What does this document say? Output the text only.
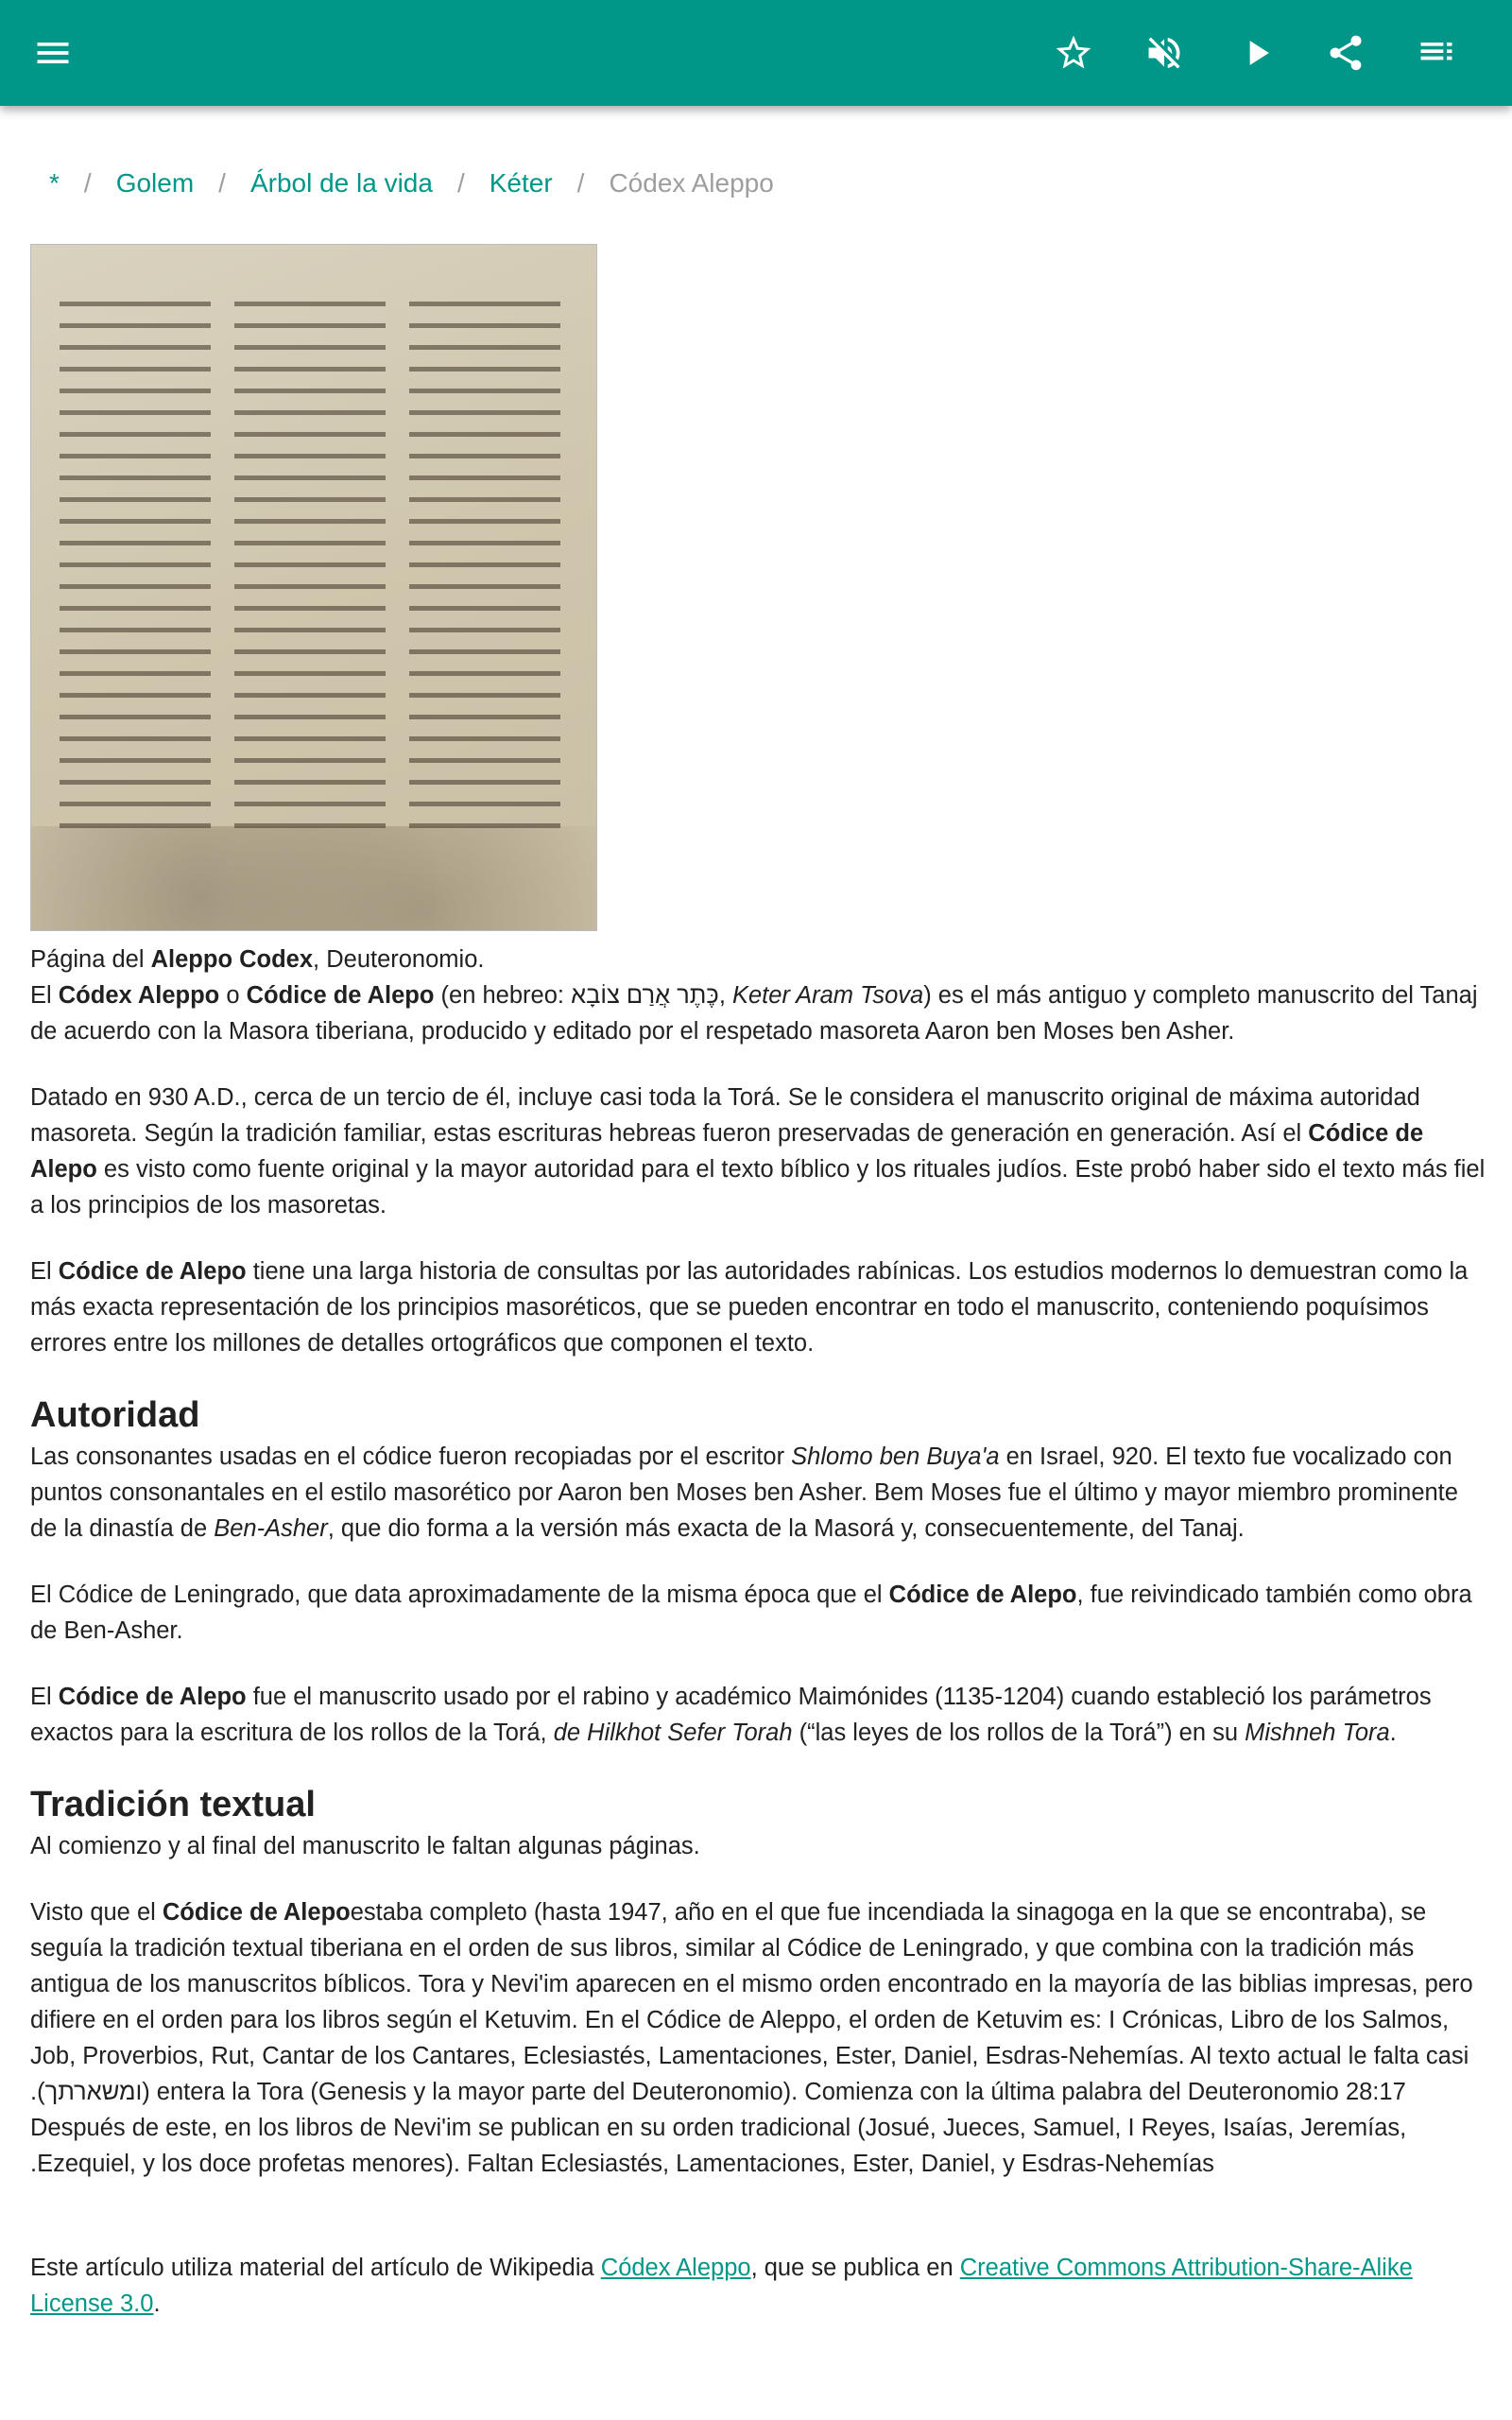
* / Golem / Árbol de la vida / Kéter / Códex Aleppo

Página del Aleppo Codex, Deuteronomio.

El Códex Aleppo o Códice de Alepo (en hebreo: כֶּתֶר אֲרַם צוֹבָא, Keter Aram Tsova) es el más antiguo y completo manuscrito del Tanaj de acuerdo con la Masora tiberiana, producido y editado por el respetado masoreta Aaron ben Moses ben Asher.

Datado en 930 A.D., cerca de un tercio de él, incluye casi toda la Torá. Se le considera el manuscrito original de máxima autoridad masoreta. Según la tradición familiar, estas escrituras hebreas fueron preservadas de generación en generación. Así el Códice de Alepo es visto como fuente original y la mayor autoridad para el texto bíblico y los rituales judíos. Este probó haber sido el texto más fiel a los principios de los masoretas.

El Códice de Alepo tiene una larga historia de consultas por las autoridades rabínicas. Los estudios modernos lo demuestran como la más exacta representación de los principios masoréticos, que se pueden encontrar en todo el manuscrito, conteniendo poquísimos errores entre los millones de detalles ortográficos que componen el texto.

Autoridad

Las consonantes usadas en el códice fueron recopiadas por el escritor Shlomo ben Buya'a en Israel, 920. El texto fue vocalizado con puntos consonantales en el estilo masorético por Aaron ben Moses ben Asher. Bem Moses fue el último y mayor miembro prominente de la dinastía de Ben-Asher, que dio forma a la versión más exacta de la Masorá y, consecuentemente, del Tanaj.

El Códice de Leningrado, que data aproximadamente de la misma época que el Códice de Alepo, fue reivindicado también como obra de Ben-Asher.

El Códice de Alepo fue el manuscrito usado por el rabino y académico Maimónides (1135-1204) cuando estableció los parámetros exactos para la escritura de los rollos de la Torá, de Hilkhot Sefer Torah (“las leyes de los rollos de la Torá”) en su Mishneh Tora.

Tradición textual

Al comienzo y al final del manuscrito le faltan algunas páginas.

Visto que el Códice de Alepo estaba completo (hasta 1947, año en el que fue incendiada la sinagoga en la que se encontraba), se seguía la tradición textual tiberiana en el orden de sus libros, similar al Códice de Leningrado, y que combina con la tradición más antigua de los manuscritos bíblicos. Tora y Nevi'im aparecen en el mismo orden encontrado en la mayoría de las biblias impresas, pero difiere en el orden para los libros según el Ketuvim. En el Códice de Aleppo, el orden de Ketuvim es: I Crónicas, Libro de los Salmos, Job, Proverbios, Rut, Cantar de los Cantares, Eclesiastés, Lamentaciones, Ester, Daniel, Esdras-Nehemías. Al texto actual le falta casi entera la Tora (Genesis y la mayor parte del Deuteronomio). Comienza con la última palabra del Deuteronomio 28:17 (ומשארתך). Después de este, en los libros de Nevi'im se publican en su orden tradicional (Josué, Jueces, Samuel, I Reyes, Isaías, Jeremías, Ezequiel, y los doce profetas menores). Faltan Eclesiastés, Lamentaciones, Ester, Daniel, y Esdras-Nehemías.

Este artículo utiliza material del artículo de Wikipedia Códex Aleppo, que se publica en Creative Commons Attribution-Share-Alike License 3.0.
